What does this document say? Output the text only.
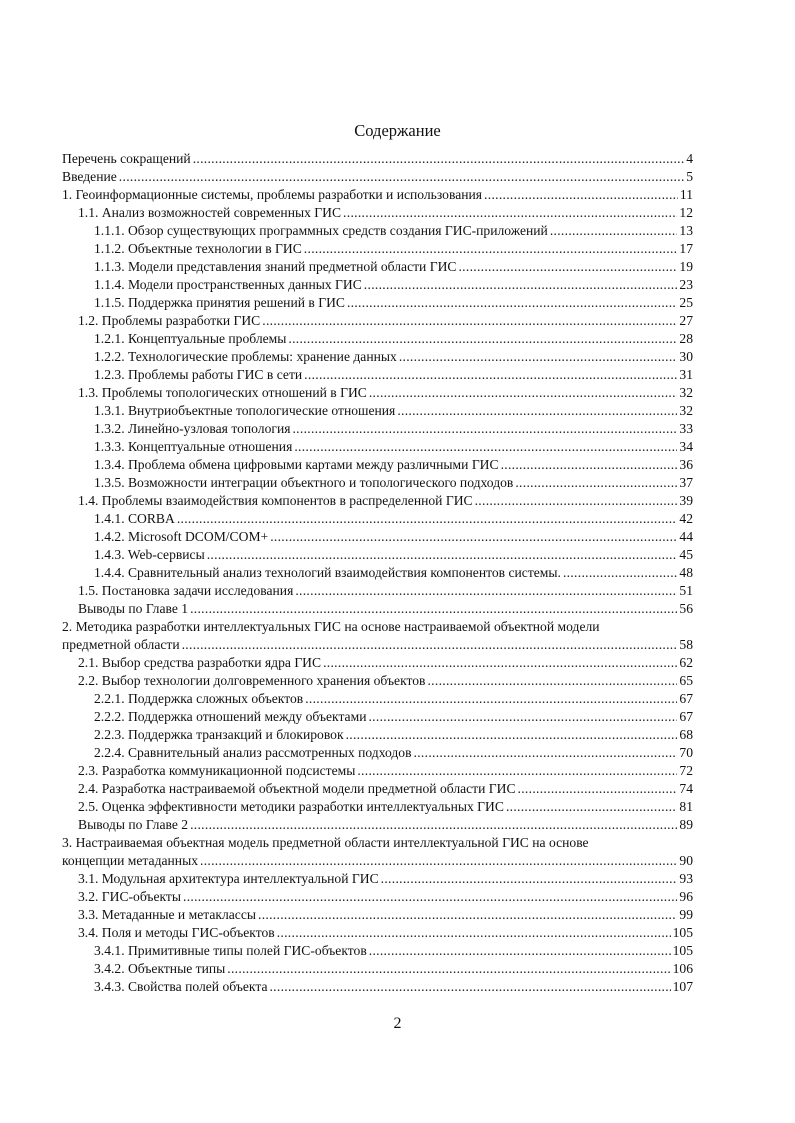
Содержание
Перечень сокращений .....	4
Введение .....	5
1. Геоинформационные системы, проблемы разработки и использования .....	11
1.1. Анализ возможностей современных ГИС .....	12
1.1.1. Обзор существующих программных средств создания ГИС-приложений .....	13
1.1.2. Объектные технологии в ГИС .....	17
1.1.3. Модели представления знаний предметной области ГИС .....	19
1.1.4. Модели пространственных данных ГИС .....	23
1.1.5. Поддержка принятия решений в ГИС .....	25
1.2. Проблемы разработки ГИС .....	27
1.2.1. Концептуальные проблемы .....	28
1.2.2. Технологические проблемы: хранение данных .....	30
1.2.3. Проблемы работы ГИС в сети .....	31
1.3. Проблемы топологических отношений в ГИС .....	32
1.3.1. Внутриобъектные топологические отношения .....	32
1.3.2. Линейно-узловая топология .....	33
1.3.3. Концептуальные отношения .....	34
1.3.4. Проблема обмена цифровыми картами между различными ГИС .....	36
1.3.5. Возможности интеграции объектного и топологического подходов .....	37
1.4. Проблемы взаимодействия компонентов в распределенной ГИС .....	39
1.4.1. CORBA .....	42
1.4.2. Microsoft DCOM/COM+ .....	44
1.4.3. Web-сервисы .....	45
1.4.4. Сравнительный анализ технологий взаимодействия компонентов системы. .....	48
1.5. Постановка задачи исследования .....	51
Выводы по Главе 1 .....	56
2. Методика разработки интеллектуальных ГИС на основе настраиваемой объектной модели
предметной области .....	58
2.1. Выбор средства разработки ядра ГИС .....	62
2.2. Выбор технологии долговременного хранения объектов .....	65
2.2.1. Поддержка сложных объектов .....	67
2.2.2. Поддержка отношений между объектами .....	67
2.2.3. Поддержка транзакций и блокировок .....	68
2.2.4. Сравнительный анализ рассмотренных подходов .....	70
2.3. Разработка коммуникационной подсистемы .....	72
2.4. Разработка настраиваемой объектной модели предметной области ГИС .....	74
2.5. Оценка эффективности методики разработки интеллектуальных ГИС .....	81
Выводы по Главе 2 .....	89
3. Настраиваемая объектная модель предметной области интеллектуальной ГИС на основе
концепции метаданных .....	90
3.1. Модульная архитектура интеллектуальной ГИС .....	93
3.2. ГИС-объекты .....	96
3.3. Метаданные и метаклассы .....	99
3.4. Поля и методы ГИС-объектов .....	105
3.4.1. Примитивные типы полей ГИС-объектов .....	105
3.4.2. Объектные типы .....	106
3.4.3. Свойства полей объекта .....	107
2
